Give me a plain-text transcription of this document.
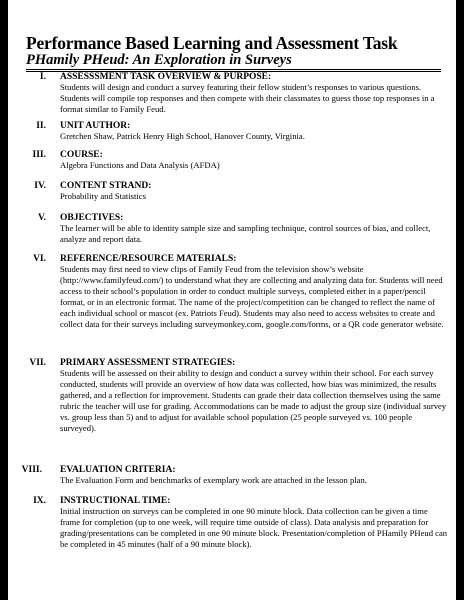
Performance Based Learning and Assessment Task
PHamily PHeud: An Exploration in Surveys
I. ASSESSSMENT TASK OVERVIEW & PURPOSE:
Students will design and conduct a survey featuring their fellow student’s responses to various questions. Students will compile top responses and then compete with their classmates to guess those top responses in a format similar to Family Feud.
II. UNIT AUTHOR:
Gretchen Shaw, Patrick Henry High School, Hanover County, Virginia.
III. COURSE:
Algebra Functions and Data Analysis (AFDA)
IV. CONTENT STRAND:
Probability and Statistics
V. OBJECTIVES:
The learner will be able to identity sample size and sampling technique, control sources of bias, and collect, analyze and report data.
VI. REFERENCE/RESOURCE MATERIALS:
Students may first need to view clips of Family Feud from the television show’s website (http://www.familyfeud.com/) to understand what they are collecting and analyzing data for. Students will need access to their school’s population in order to conduct multiple surveys, completed either in a paper/pencil format, or in an electronic format. The name of the project/competition can be changed to reflect the name of each individual school or mascot (ex. Patriots Feud). Students may also need to access websites to create and collect data for their surveys including surveymonkey.com, google.com/forms, or a QR code generator website.
VII. PRIMARY ASSESSMENT STRATEGIES:
Students will be assessed on their ability to design and conduct a survey within their school. For each survey conducted, students will provide an overview of how data was collected, how bias was minimized, the results gathered, and a reflection for improvement. Students can grade their data collection themselves using the same rubric the teacher will use for grading. Accommodations can be made to adjust the group size (individual survey vs. group less than 5) and to adjust for available school population (25 people surveyed vs. 100 people surveyed).
VIII. EVALUATION CRITERIA:
The Evaluation Form and benchmarks of exemplary work are attached in the lesson plan.
IX. INSTRUCTIONAL TIME:
Initial instruction on surveys can be completed in one 90 minute block. Data collection can be given a time frame for completion (up to one week, will require time outside of class). Data analysis and preparation for grading/presentations can be completed in one 90 minute block. Presentation/completion of PHamily PHeud can be completed in 45 minutes (half of a 90 minute block).
